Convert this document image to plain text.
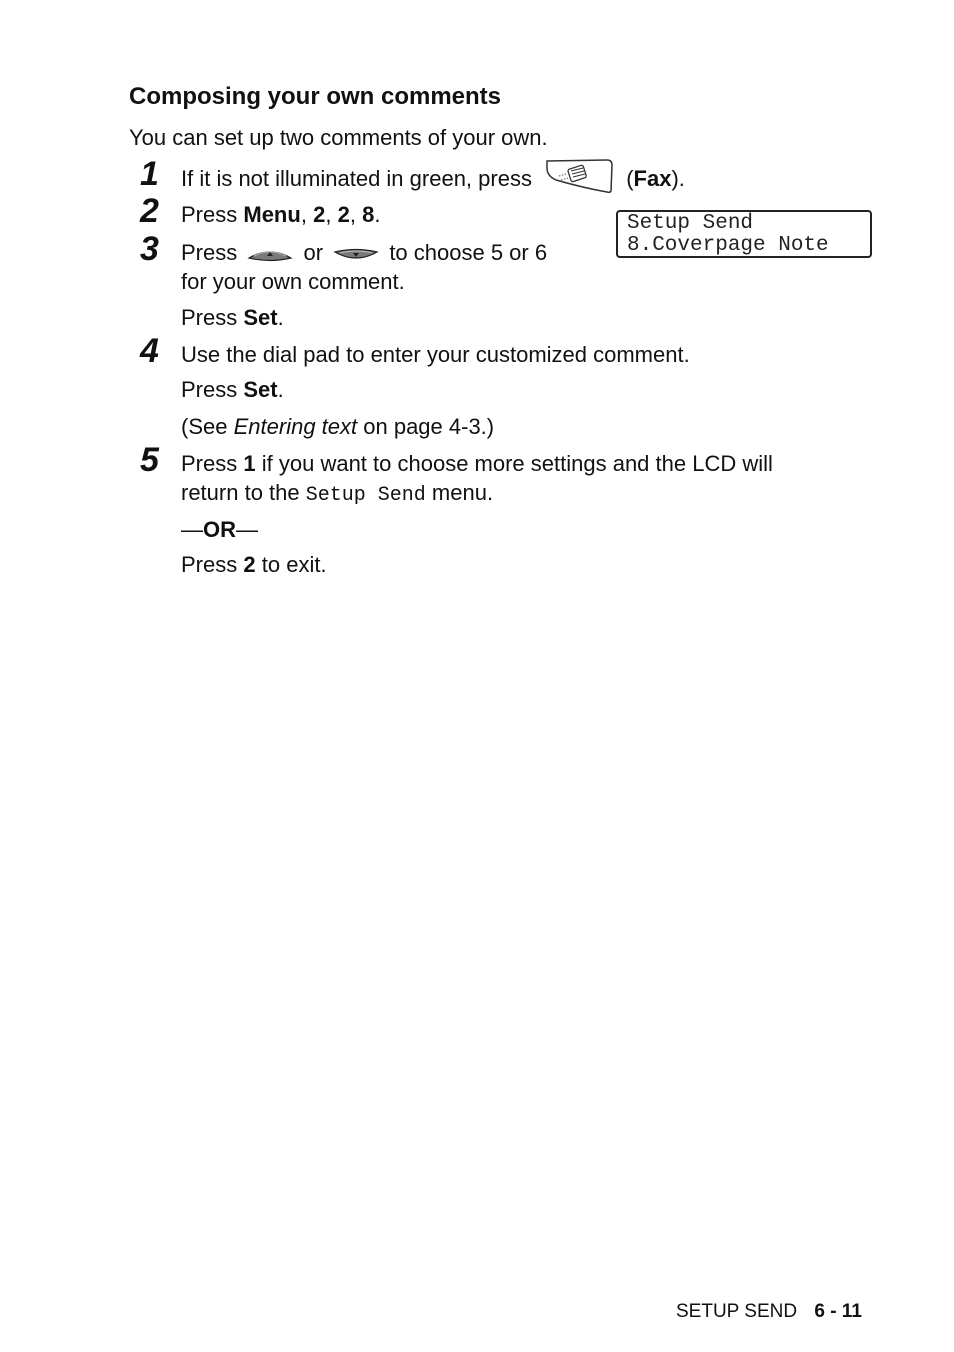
Composing your own comments
You can set up two comments of your own.
1 If it is not illuminated in green, press	(Fax).
2 Press Menu, 2, 2, 8.	Setup Send
8.Coverpage Note
3 Press	or	to choose 5 or 6
for your own comment.
Press Set.
4 Use the dial pad to enter your customized comment.
Press Set.
(See Entering text on page 4-3.)
5 Press 1 if you want to choose more settings and the LCD will
return to the Setup Send menu.
—OR—
Press 2 to exit.
SETUP SEND 6 - 11
